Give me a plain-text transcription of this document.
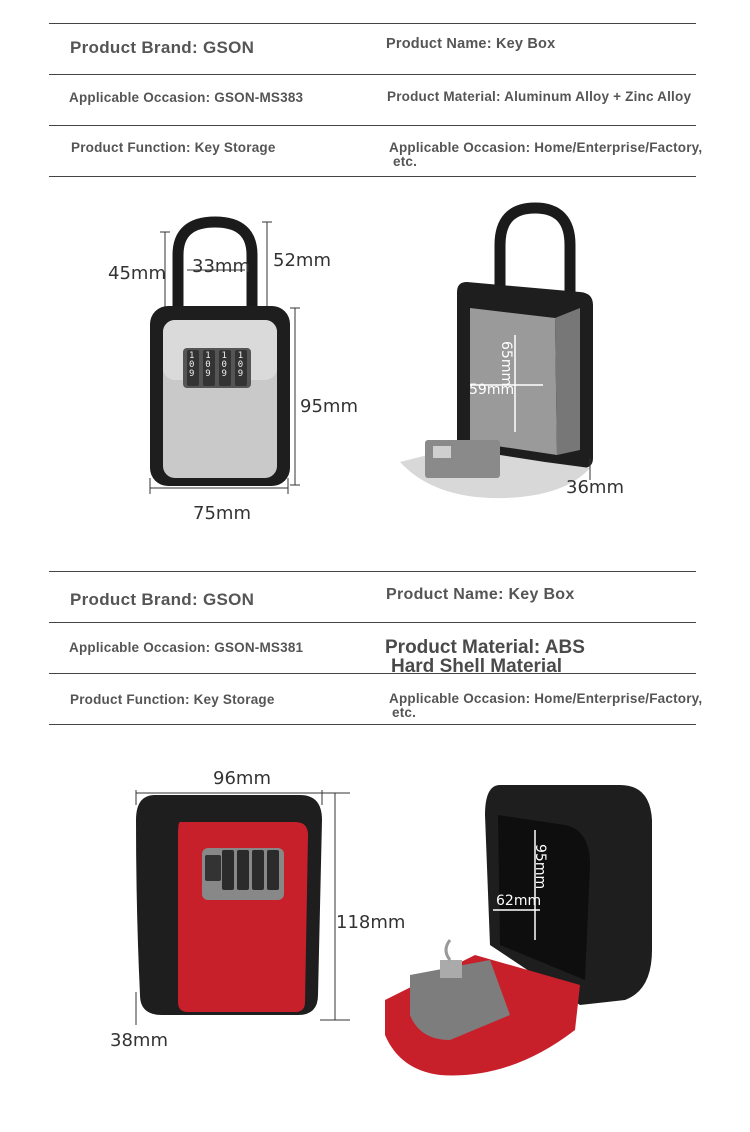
Product Brand: GSON	Product Name: Key Box
Applicable Occasion: GSON-MS383	Product Material: Aluminum Alloy + Zinc Alloy
Product Function: Key Storage	Applicable Occasion: Home/Enterprise/Factory,
etc.
45mm 33mm 52mm
95mm
75mm
1 1 1 1
0 0 0 0
9 9 9 9	65mm
59mm
36mm
Product Brand: GSON	Product Name: Key Box
Applicable Occasion: GSON-MS381	Product Material: ABS
Hard Shell Material
Product Function: Key Storage	Applicable Occasion: Home/Enterprise/Factory,
etc.
96mm
118mm
38mm
95mm
62mm
